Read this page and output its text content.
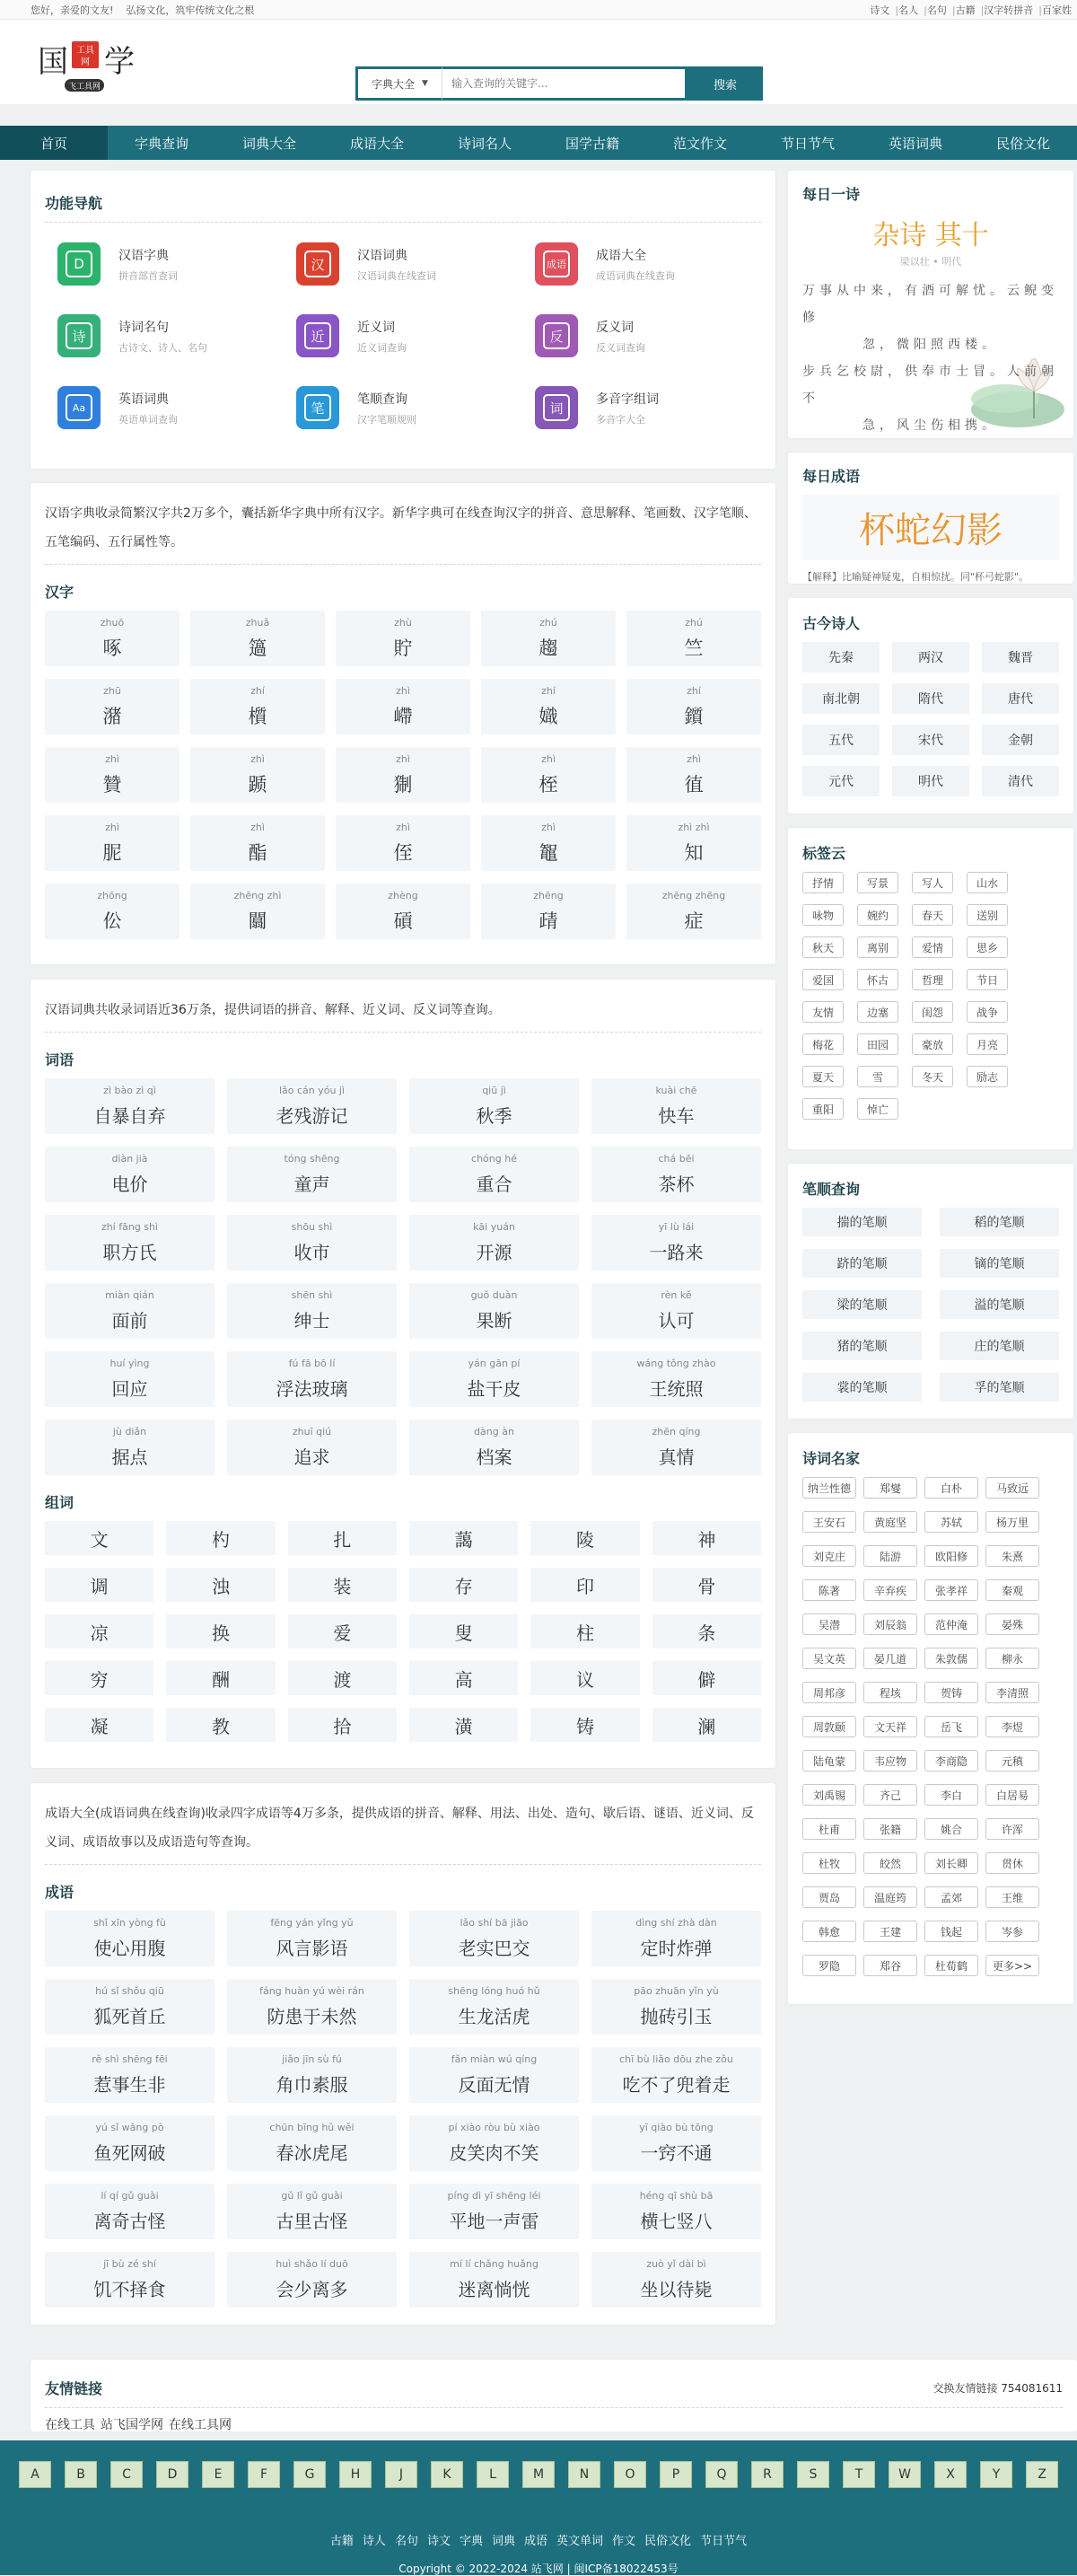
您好，亲爱的文友! 弘扬文化，筑牢传统文化之根	诗文 |名人 |名句 |古籍 |汉字转拼音 |百家姓
国 工具
网 学
飞工具网	字典大全 ▼
输入查询的关键字...	搜索
首页	字典查询	词典大全	成语大全	诗词名人	国学古籍	范文作文	节日节气	英语词典	民俗文化
功能导航
D
汉语字典
拼音部首查词
汉
汉语词典
汉语词典在线查词
成语
成语大全
成语词典在线查询
诗
诗词名句
古诗文、诗人、名句
近
近义词
近义词查询
反
反义词
反义词查询
Aa
英语词典
英语单词查询
笔
笔顺查询
汉字笔顺规则
词
多音字组词
多音字大全
汉语字典收录简繁汉字共2万多个，囊括新华字典中所有汉字。新华字典可在线查询汉字的拼音、意思解释、笔画数、汉字笔顺、五笔编码、五行属性等。
汉字
zhuō
啄
zhuǎ
簻
zhù
貯
zhú
趨
zhú
竺
zhū
潴
zhí
櫍
zhì
嵽
zhí
嬂
zhí
鑕
zhì
贊
zhì
踬
zhì
猘
zhì
桎
zhì
徝
zhì
胒
zhì
酯
zhì
侄
zhì
鼅
zhì zhì
知
zhōng
伀
zhēng zhì
闒
zhèng
碽
zhēng
靕
zhēng zhēng
症
汉语词典共收录词语近36万条，提供词语的拼音、解释、近义词、反义词等查询。
词语
zì bào zì qì
自暴自弃
lǎo cán yóu jì
老残游记
qiū jì
秋季
kuài chē
快车
diàn jià
电价
tóng shēng
童声
chóng hé
重合
chá bēi
茶杯
zhí fāng shì
职方氏
shōu shì
收市
kāi yuán
开源
yī lù lái
一路来
miàn qián
面前
shēn shì
绅士
guǒ duàn
果断
rèn kě
认可
huí yìng
回应
fú fā bō lí
浮法玻璃
yán gān pí
盐干皮
wáng tǒng zhào
王统照
jù diǎn
据点
zhuī qiú
追求
dàng àn
档案
zhēn qíng
真情
组词
文	杓	扎	藹	陵	神
调	浊	装	存	印	骨
凉	换	爱	叟	柱	条
穷	酬	渡	高	议	僻
凝	教	拾	潢	铸	澜
成语大全(成语词典在线查询)收录四字成语等4万多条，提供成语的拼音、解释、用法、出处、造句、歇后语、谜语、近义词、反义词、成语故事以及成语造句等查询。
成语
shǐ xīn yòng fù
使心用腹
fēng yán yǐng yǔ
风言影语
lǎo shí bā jiāo
老实巴交
dìng shí zhà dàn
定时炸弹
hú sǐ shǒu qiū
狐死首丘
fáng huàn yú wèi rán
防患于未然
shēng lóng huó hǔ
生龙活虎
pāo zhuān yǐn yù
抛砖引玉
rě shì shēng fēi
惹事生非
jiǎo jīn sù fú
角巾素服
fǎn miàn wú qíng
反面无情
chī bù liǎo dōu zhe zǒu
吃不了兜着走
yú sǐ wǎng pò
鱼死网破
chūn bīng hǔ wěi
春冰虎尾
pí xiào ròu bù xiào
皮笑肉不笑
yī qiào bù tōng
一窍不通
lí qí gǔ guài
离奇古怪
gǔ lǐ gǔ guài
古里古怪
píng dì yī shēng léi
平地一声雷
héng qī shù bā
横七竖八
jī bù zé shí
饥不择食
huì shǎo lí duō
会少离多
mí lí chǎng huǎng
迷离惝恍
zuò yǐ dài bì
坐以待毙
友情链接	交换友情链接 754081611
在线工具 站飞国学网 在线工具网
每日一诗
杂诗 其十
梁以壮 • 明代
万事从中来，有酒可解忧。云鲵变修
忽，微阳照西楼。
步兵乞校尉，供奉市士冒。人前朝不
急，风尘伤相携。
每日成语
杯蛇幻影
【解释】比喻疑神疑鬼，自相惊扰。同"杯弓蛇影"。
古今诗人
先秦	两汉	魏晋
南北朝	隋代	唐代
五代	宋代	金朝
元代	明代	清代
标签云
抒情	写景	写人	山水
咏物	婉约	春天	送别
秋天	离别	爱情	思乡
爱国	怀古	哲理	节日
友情	边塞	闺怨	战争
梅花	田园	豪放	月亮
夏天	雪	冬天	励志
重阳	悼亡
笔顺查询
揣的笔顺	稻的笔顺
跻的笔顺	镝的笔顺
梁的笔顺	溢的笔顺
猪的笔顺	庄的笔顺
裳的笔顺	孚的笔顺
诗词名家
纳兰性德	郑燮	白朴	马致远
王安石	黄庭坚	苏轼	杨万里
刘克庄	陆游	欧阳修	朱熹
陈著	辛弃疾	张孝祥	秦观
吴潜	刘辰翁	范仲淹	晏殊
吴文英	晏几道	朱敦儒	柳永
周邦彦	程垓	贺铸	李清照
周敦颐	文天祥	岳飞	李煜
陆龟蒙	韦应物	李商隐	元稹
刘禹锡	齐己	李白	白居易
杜甫	张籍	姚合	许浑
杜牧	皎然	刘长卿	贯休
贾岛	温庭筠	孟郊	王维
韩愈	王建	钱起	岑参
罗隐	郑谷	杜荀鹤	更多>>
A	B	C	D	E	F	G	H	J	K	L	M	N	O	P	Q	R	S	T	W	X	Y	Z
古籍 诗人 名句 诗文 字典 词典 成语 英文单词 作文 民俗文化 节日节气
Copyright © 2022-2024 站飞网 | 闽ICP备18022453号
